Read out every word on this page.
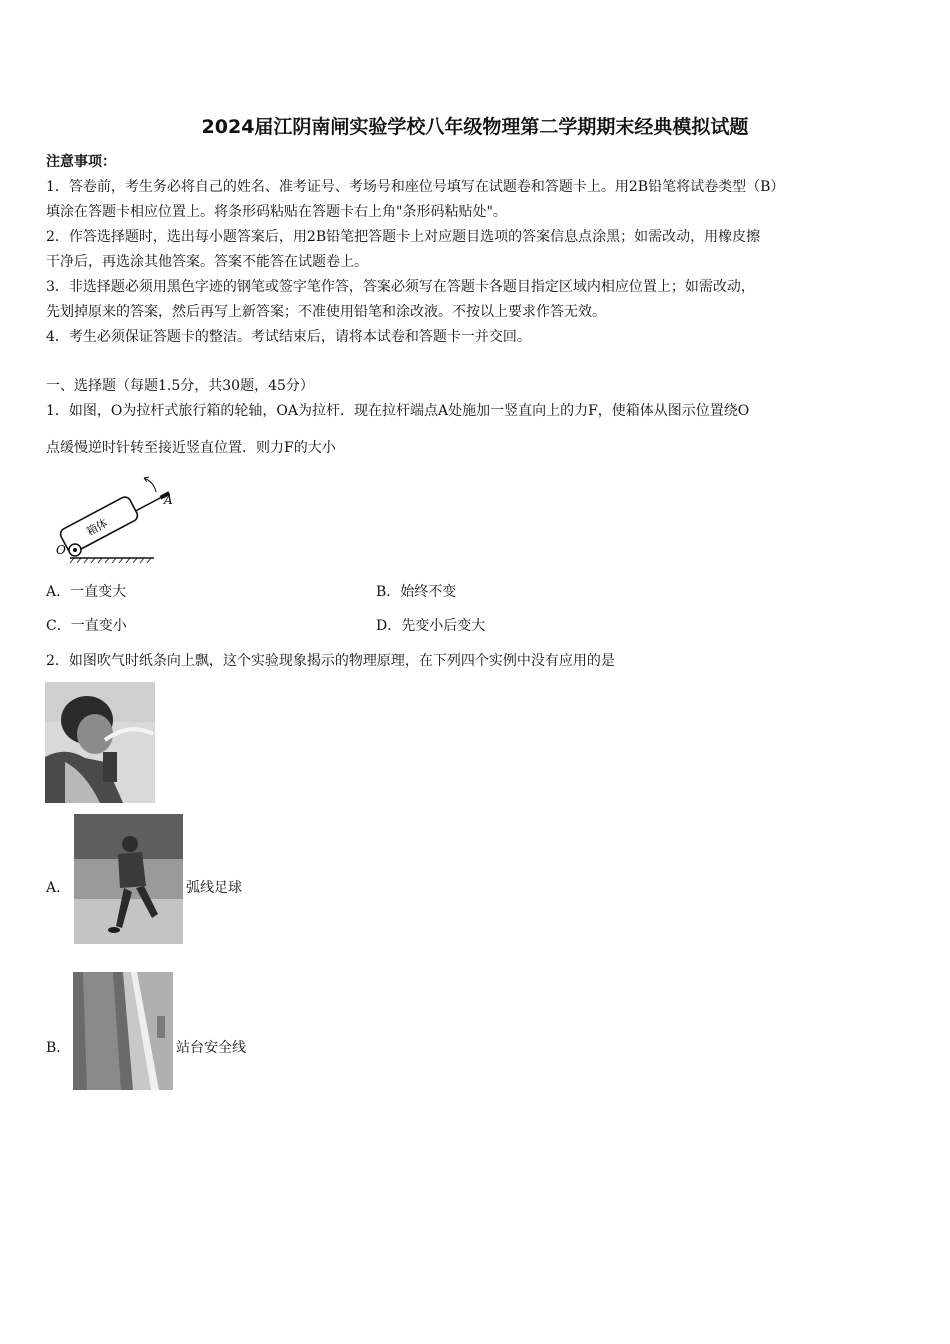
2024届江阴南闸实验学校八年级物理第二学期期末经典模拟试题
注意事项：
1．答卷前，考生务必将自己的姓名、准考证号、考场号和座位号填写在试题卷和答题卡上。用2B铅笔将试卷类型（B）
填涂在答题卡相应位置上。将条形码粘贴在答题卡右上角"条形码粘贴处"。
2．作答选择题时，选出每小题答案后，用2B铅笔把答题卡上对应题目选项的答案信息点涂黑；如需改动，用橡皮擦
干净后，再选涂其他答案。答案不能答在试题卷上。
3．非选择题必须用黑色字迹的钢笔或签字笔作答，答案必须写在答题卡各题目指定区域内相应位置上；如需改动，
先划掉原来的答案，然后再写上新答案；不准使用铅笔和涂改液。不按以上要求作答无效。
4．考生必须保证答题卡的整洁。考试结束后，请将本试卷和答题卡一并交回。
一、选择题（每题1.5分，共30题，45分）
1．如图，O为拉杆式旅行箱的轮轴，OA为拉杆．现在拉杆端点A处施加一竖直向上的力F，使箱体从图示位置绕O
点缓慢逆时针转至接近竖直位置．则力F的大小
箱体
O
A
A．一直变大	B．始终不变
C．一直变小	D．先变小后变大
2．如图吹气时纸条向上飘，这个实验现象揭示的物理原理，在下列四个实例中没有应用的是
A．	弧线足球
B．	站台安全线
